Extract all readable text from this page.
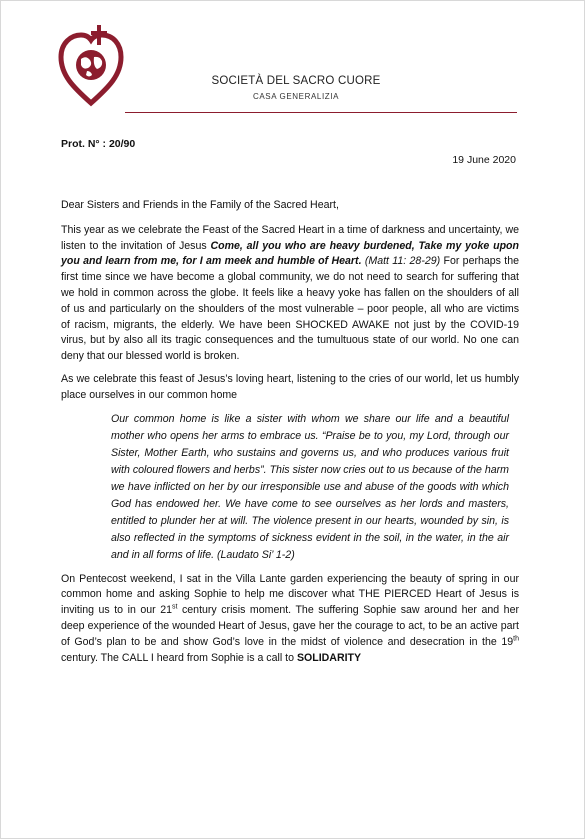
SOCIETÀ DEL SACRO CUORE
CASA GENERALIZIA
Prot. N° : 20/90
19 June 2020

Dear Sisters and Friends in the Family of the Sacred Heart,

This year as we celebrate the Feast of the Sacred Heart in a time of darkness and uncertainty, we listen to the invitation of Jesus Come, all you who are heavy burdened, Take my yoke upon you and learn from me, for I am meek and humble of Heart. (Matt 11: 28-29) For perhaps the first time since we have become a global community, we do not need to search for suffering that we hold in common across the globe. It feels like a heavy yoke has fallen on the shoulders of all of us and particularly on the shoulders of the most vulnerable – poor people, all who are victims of racism, migrants, the elderly. We have been SHOCKED AWAKE not just by the COVID-19 virus, but by also all its tragic consequences and the tumultuous state of our world. No one can deny that our blessed world is broken.

As we celebrate this feast of Jesus’s loving heart, listening to the cries of our world, let us humbly place ourselves in our common home

Our common home is like a sister with whom we share our life and a beautiful mother who opens her arms to embrace us. “Praise be to you, my Lord, through our Sister, Mother Earth, who sustains and governs us, and who produces various fruit with coloured flowers and herbs”. This sister now cries out to us because of the harm we have inflicted on her by our irresponsible use and abuse of the goods with which God has endowed her. We have come to see ourselves as her lords and masters, entitled to plunder her at will. The violence present in our hearts, wounded by sin, is also reflected in the symptoms of sickness evident in the soil, in the water, in the air and in all forms of life. (Laudato Si’ 1-2)

On Pentecost weekend, I sat in the Villa Lante garden experiencing the beauty of spring in our common home and asking Sophie to help me discover what THE PIERCED Heart of Jesus is inviting us to in our 21st century crisis moment. The suffering Sophie saw around her and her deep experience of the wounded Heart of Jesus, gave her the courage to act, to be an active part of God’s plan to be and show God’s love in the midst of violence and desecration in the 19th century. The CALL I heard from Sophie is a call to SOLIDARITY
